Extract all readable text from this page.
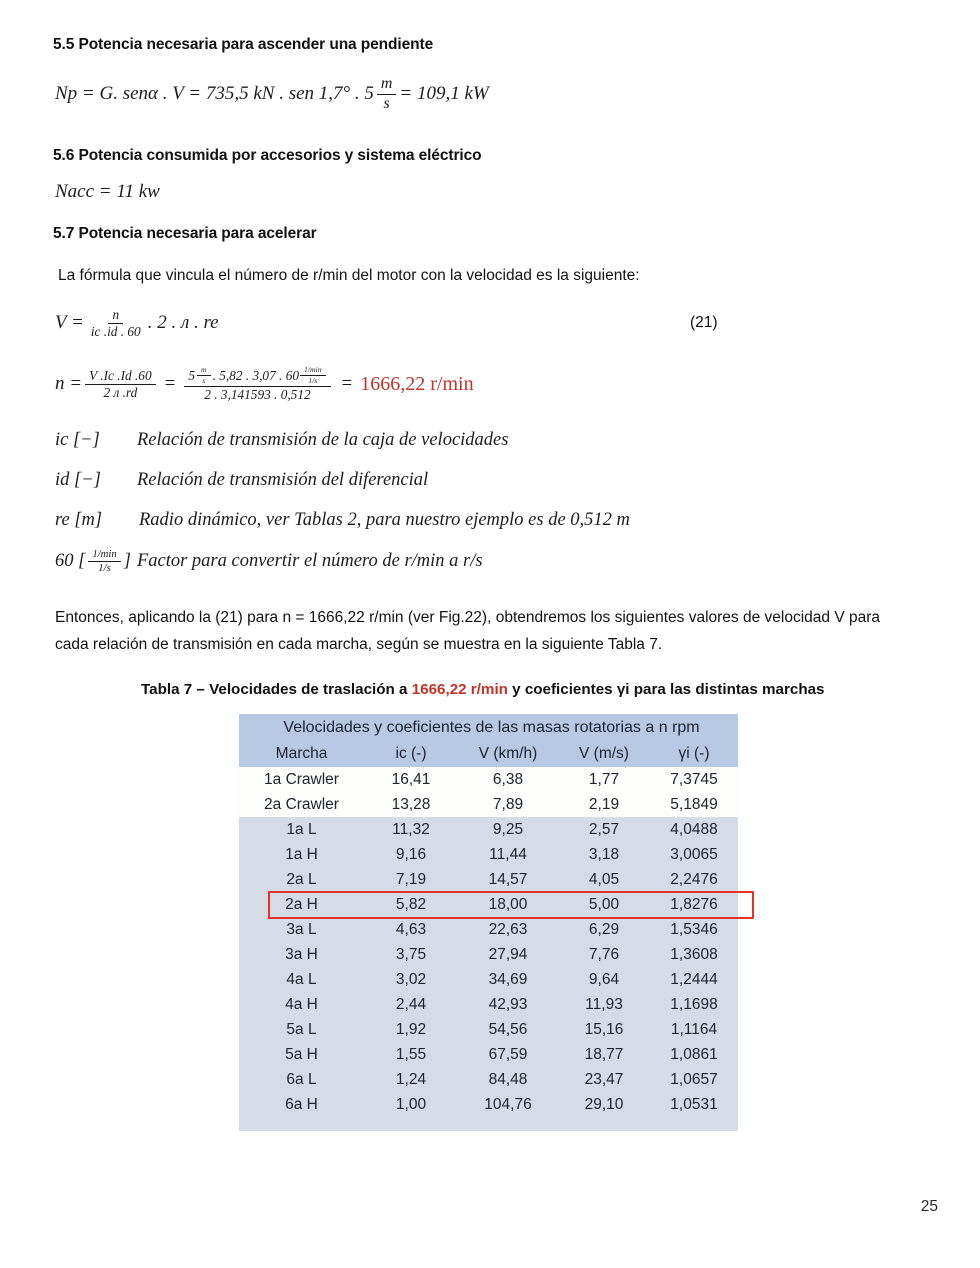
5.5 Potencia necesaria para ascender una pendiente
Np = G. senα . V = 735,5 kN . sen 1,7° . $5 \frac{m}{s} = 109,1$ kW
5.6 Potencia consumida por accesorios y sistema eléctrico
Nacc = 11 kw
5.7 Potencia necesaria para acelerar
La fórmula que vincula el número de r/min del motor con la velocidad es la siguiente:
$V = \frac{n}{ic .id . 60}$ . 2 . л . re	(21)
$n = \frac{V .Ic .Id .60}{2 л .rd} = 5 \frac{m}{s}$ . 5,82 . 3,07 . $60 \frac{1/\min}{1/s}$
2 . 3,141593 . 0,512
= 1666,22 r/min
ic [−]	Relación de transmisión de la caja de velocidades
id [−]	Relación de transmisión del diferencial
re [m]	Radio dinámico, ver Tablas 2, para nuestro ejemplo es de 0,512 m
60 [ $\frac{1/\min}{1/s}$ ] Factor para convertir el número de r/min a r/s
Entonces, aplicando la (21) para n = 1666,22 r/min (ver Fig.22), obtendremos los siguientes valores de velocidad V para cada relación de transmisión en cada marcha, según se muestra en la siguiente Tabla 7.
Tabla 7 – Velocidades de traslación a 1666,22 r/min y coeficientes γi para las distintas marchas
Velocidades y coeficientes de las masas rotatorias a n rpm				
Marcha	ic (-)	V (km/h)	V (m/s)	γi (-)
1a Crawler	16,41	6,38	1,77	7,3745
2a Crawler	13,28	7,89	2,19	5,1849
1a L	11,32	9,25	2,57	4,0488
1a H	9,16	11,44	3,18	3,0065
2a L	7,19	14,57	4,05	2,2476
2a H	5,82	18,00	5,00	1,8276
3a L	4,63	22,63	6,29	1,5346
3a H	3,75	27,94	7,76	1,3608
4a L	3,02	34,69	9,64	1,2444
4a H	2,44	42,93	11,93	1,1698
5a L	1,92	54,56	15,16	1,1164
5a H	1,55	67,59	18,77	1,0861
6a L	1,24	84,48	23,47	1,0657
6a H	1,00	104,76	29,10	1,0531
25
